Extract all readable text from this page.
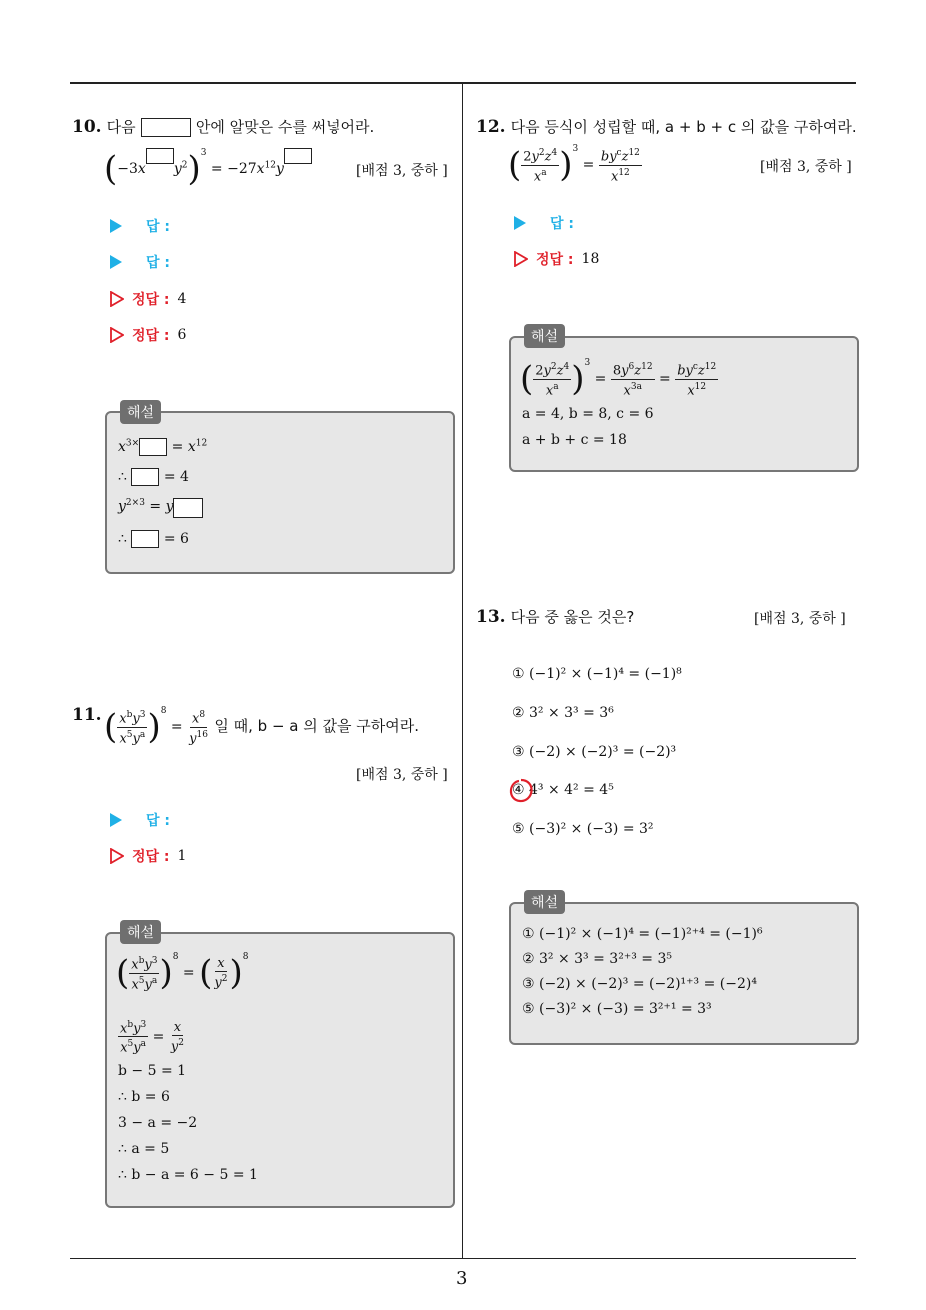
3
10. 다음	안에 알맞은 수를 써넣어라.
(−3x $y^2)^3 = -27x^{12}y$	[배점 3, 중하 ]
답 :
답 :
정답 : 4
정답 : 6
해설
$x^{3\times} = x^{12}$
∴  = 4
$y^{2\times 3} = y$
∴  = 6
11. ( $\frac{x^by^3}{x^5y^a} )^8 = \frac{x^8}{y^{16}}$ 일 때, b − a 의 값을 구하여라.
[배점 3, 중하 ]
답 :
정답 : 1
해설
( $\frac{x^by^3}{x^5y^a} )^8$ = ( $\frac{x}{y^2} )^8$
$\frac{x^by^3}{x^5y^a} = \frac{x}{y^2}$
b − 5 = 1
∴ b = 6
3 − a = −2
∴ a = 5
∴ b − a = 6 − 5 = 1
12. 다음 등식이 성립할 때, a + b + c 의 값을 구하여라.
( $\frac{2y^2z^4}{x^a} )^3 = \frac{by^cz^{12}}{x^{12}}$	[배점 3, 중하 ]
답 :
정답 : 18
해설
( $\frac{2y^2z^4}{x^a} )^3 = \frac{8y^6z^{12}}{x^{3a}} = \frac{by^cz^{12}}{x^{12}}$
a = 4, b = 8, c = 6
a + b + c = 18
13. 다음 중 옳은 것은?	[배점 3, 중하 ]
① (−1)² × (−1)⁴ = (−1)⁸
② 3² × 3³ = 3⁶
③ (−2) × (−2)³ = (−2)³
④ 4³ × 4² = 4⁵
⑤ (−3)² × (−3) = 3²
해설
① (−1)² × (−1)⁴ = (−1)²⁺⁴ = (−1)⁶
② 3² × 3³ = 3²⁺³ = 3⁵
③ (−2) × (−2)³ = (−2)¹⁺³ = (−2)⁴
⑤ (−3)² × (−3) = 3²⁺¹ = 3³
